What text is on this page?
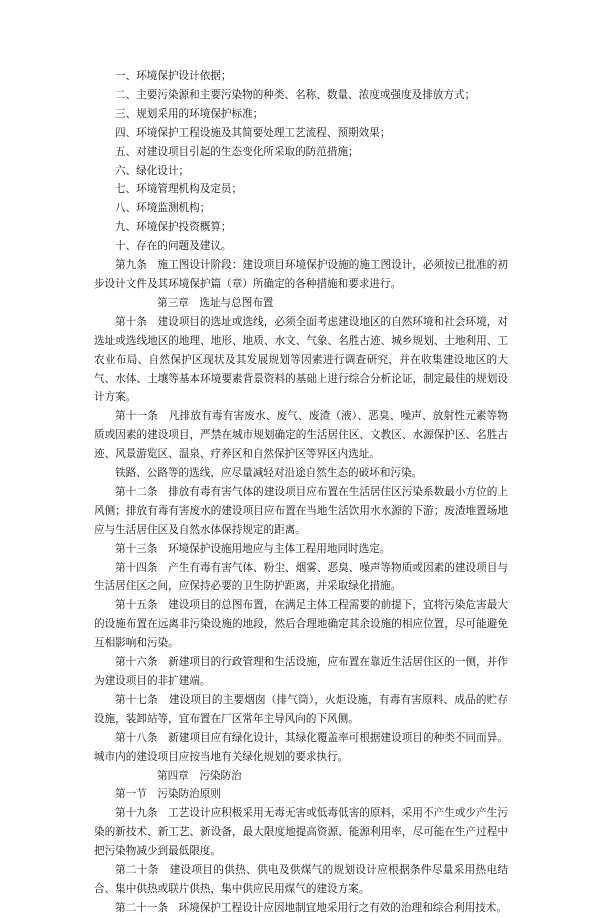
一、环境保护设计依据；

二、主要污染源和主要污染物的种类、名称、数量、浓度或强度及排放方式；

三、规划采用的环境保护标准；

四、环境保护工程设施及其简要处理工艺流程、预期效果；

五、对建设项目引起的生态变化所采取的防范措施；

六、绿化设计；

七、环境管理机构及定员；

八、环境监测机构；

九、环境保护投资概算；

十、存在的问题及建议。

第九条　施工图设计阶段：建设项目环境保护设施的施工图设计，必须按已批准的初步设计文件及其环境保护篇（章）所确定的各种措施和要求进行。

第三章　选址与总图布置

第十条　建设项目的选址或选线，必须全面考虑建设地区的自然环境和社会环境，对选址或选线地区的地理、地形、地质、水文、气象、名胜古迹、城乡规划、土地利用、工农业布局、自然保护区现状及其发展规划等因素进行调查研究，并在收集建设地区的大气、水体、土壤等基本环境要素背景资料的基础上进行综合分析论证，制定最佳的规划设计方案。

第十一条　凡排放有毒有害废水、废气、废渣（液）、恶臭、噪声、放射性元素等物质或因素的建设项目，严禁在城市规划确定的生活居住区、文教区、水源保护区、名胜古迹、风景游览区、温泉、疗养区和自然保护区等界区内选址。

铁路、公路等的选线，应尽量减轻对沿途自然生态的破坏和污染。

第十二条　排放有毒有害气体的建设项目应布置在生活居住区污染系数最小方位的上风侧；排放有毒有害废水的建设项目应布置在当地生活饮用水水源的下游；废渣堆置场地应与生活居住区及自然水体保持规定的距离。

第十三条　环境保护设施用地应与主体工程用地同时选定。

第十四条　产生有毒有害气体、粉尘、烟雾、恶臭、噪声等物质或因素的建设项目与生活居住区之间，应保持必要的卫生防护距离，并采取绿化措施。

第十五条　建设项目的总图布置，在满足主体工程需要的前提下，宜将污染危害最大的设施布置在远离非污染设施的地段，然后合理地确定其余设施的相应位置，尽可能避免互相影响和污染。

第十六条　新建项目的行政管理和生活设施，应布置在靠近生活居住区的一侧，并作为建设项目的非扩建端。

第十七条　建设项目的主要烟囱（排气筒），火炬设施，有毒有害原料、成品的贮存设施，装卸站等，宜布置在厂区常年主导风向的下风侧。

第十八条　新建项目应有绿化设计，其绿化覆盖率可根据建设项目的种类不同而异。城市内的建设项目应按当地有关绿化规划的要求执行。

第四章　污染防治

第一节　污染防治原则

第十九条　工艺设计应积极采用无毒无害或低毒低害的原料，采用不产生或少产生污染的新技术、新工艺、新设备，最大限度地提高资源、能源利用率，尽可能在生产过程中把污染物减少到最低限度。

第二十条　建设项目的供热、供电及供煤气的规划设计应根据条件尽量采用热电结合、集中供热或联片供热，集中供应民用煤气的建设方案。

第二十一条　环境保护工程设计应因地制宜地采用行之有效的治理和综合利用技术。
